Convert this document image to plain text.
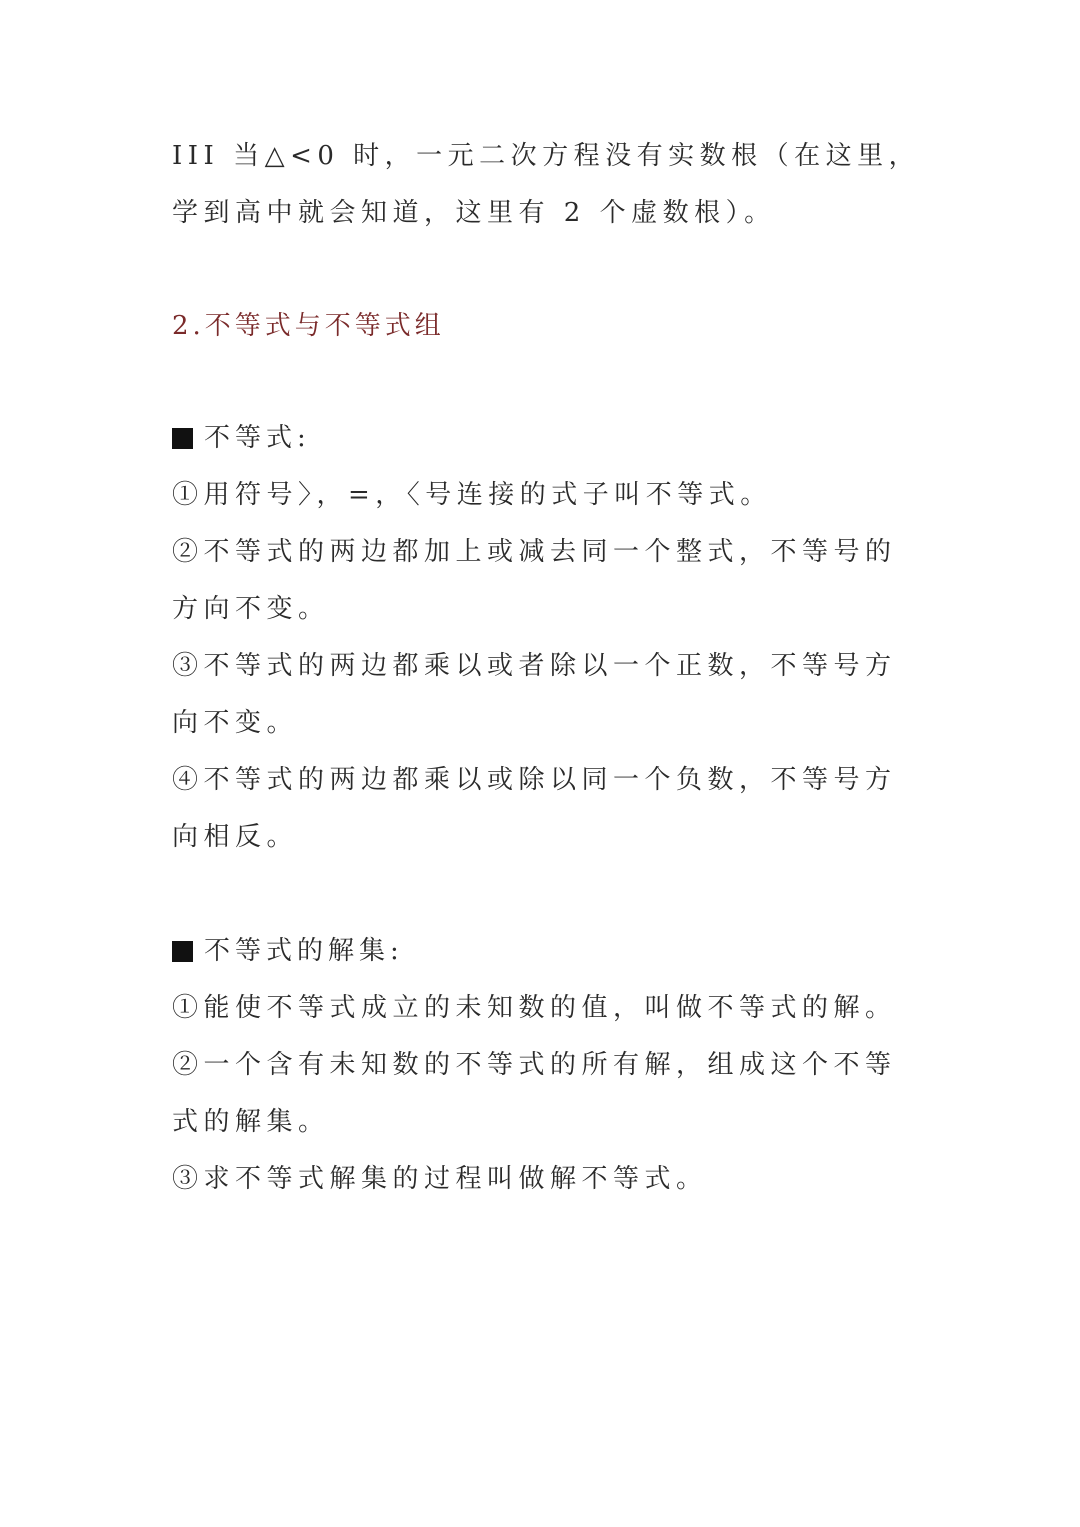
III 当△<0 时，一元二次方程没有实数根（在这里，
学到高中就会知道，这里有 2 个虚数根）。
2.不等式与不等式组
不等式:
①用符号〉，=，〈号连接的式子叫不等式。
②不等式的两边都加上或减去同一个整式，不等号的
方向不变。
③不等式的两边都乘以或者除以一个正数，不等号方
向不变。
④不等式的两边都乘以或除以同一个负数，不等号方
向相反。
不等式的解集:
①能使不等式成立的未知数的值，叫做不等式的解。
②一个含有未知数的不等式的所有解，组成这个不等
式的解集。
③求不等式解集的过程叫做解不等式。
